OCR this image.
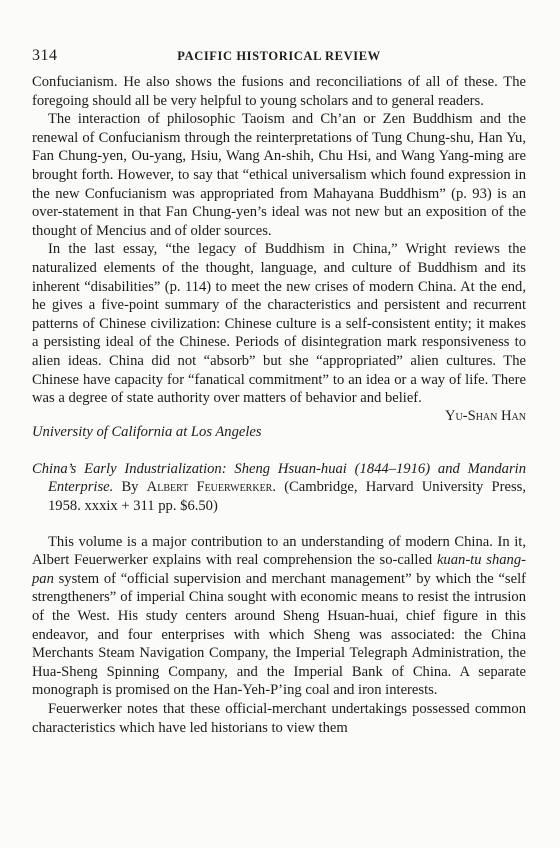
314	PACIFIC HISTORICAL REVIEW

Confucianism. He also shows the fusions and reconciliations of all of these. The foregoing should all be very helpful to young scholars and to general readers.

The interaction of philosophic Taoism and Ch’an or Zen Buddhism and the renewal of Confucianism through the reinterpretations of Tung Chung-shu, Han Yu, Fan Chung-yen, Ou-yang, Hsiu, Wang An-shih, Chu Hsi, and Wang Yang-ming are brought forth. However, to say that “ethical universalism which found expression in the new Confucianism was appropriated from Mahayana Buddhism” (p. 93) is an over-statement in that Fan Chung-yen’s ideal was not new but an exposition of the thought of Mencius and of older sources.

In the last essay, “the legacy of Buddhism in China,” Wright reviews the naturalized elements of the thought, language, and culture of Buddhism and its inherent “disabilities” (p. 114) to meet the new crises of modern China. At the end, he gives a five-point summary of the characteristics and persistent and recurrent patterns of Chinese civilization: Chinese culture is a self-consistent entity; it makes a persisting ideal of the Chinese. Periods of disintegration mark responsiveness to alien ideas. China did not “absorb” but she “appropriated” alien cultures. The Chinese have capacity for “fanatical commitment” to an idea or a way of life. There was a degree of state authority over matters of behavior and belief.

Yu-Shan Han

University of California at Los Angeles

China’s Early Industrialization: Sheng Hsuan-huai (1844–1916) and Mandarin Enterprise. By Albert Feuerwerker. (Cambridge, Harvard University Press, 1958. xxxix + 311 pp. $6.50)

This volume is a major contribution to an understanding of modern China. In it, Albert Feuerwerker explains with real comprehension the so-called kuan-tu shang-pan system of “official supervision and merchant management” by which the “self strengtheners” of imperial China sought with economic means to resist the intrusion of the West. His study centers around Sheng Hsuan-huai, chief figure in this endeavor, and four enterprises with which Sheng was associated: the China Merchants Steam Navigation Company, the Imperial Telegraph Administration, the Hua-Sheng Spinning Company, and the Imperial Bank of China. A separate monograph is promised on the Han-Yeh-P’ing coal and iron interests.

Feuerwerker notes that these official-merchant undertakings possessed common characteristics which have led historians to view them
